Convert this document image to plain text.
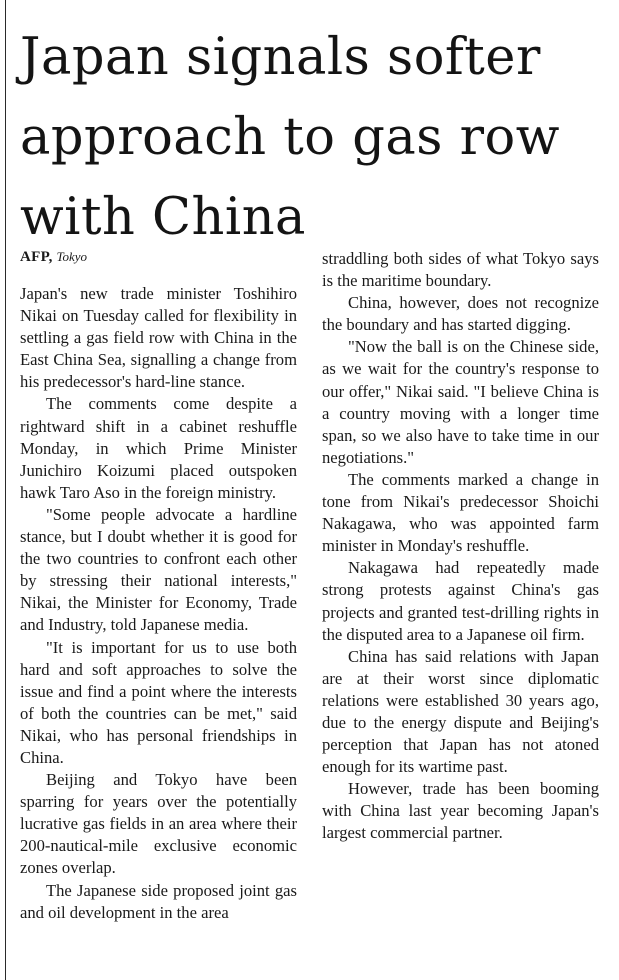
Japan signals softer approach to gas row with China
AFP, Tokyo

Japan's new trade minister Toshihiro Nikai on Tuesday called for flexibility in settling a gas field row with China in the East China Sea, signalling a change from his predecessor's hard-line stance.

The comments come despite a rightward shift in a cabinet reshuffle Monday, in which Prime Minister Junichiro Koizumi placed outspoken hawk Taro Aso in the foreign ministry.

"Some people advocate a hardline stance, but I doubt whether it is good for the two countries to confront each other by stressing their national interests," Nikai, the Minister for Economy, Trade and Industry, told Japanese media.

"It is important for us to use both hard and soft approaches to solve the issue and find a point where the interests of both the countries can be met," said Nikai, who has personal friendships in China.

Beijing and Tokyo have been sparring for years over the potentially lucrative gas fields in an area where their 200-nautical-mile exclusive economic zones overlap.

The Japanese side proposed joint gas and oil development in the area

straddling both sides of what Tokyo says is the maritime boundary.

China, however, does not recognize the boundary and has started digging.

"Now the ball is on the Chinese side, as we wait for the country's response to our offer," Nikai said. "I believe China is a country moving with a longer time span, so we also have to take time in our negotiations."

The comments marked a change in tone from Nikai's predecessor Shoichi Nakagawa, who was appointed farm minister in Monday's reshuffle.

Nakagawa had repeatedly made strong protests against China's gas projects and granted test-drilling rights in the disputed area to a Japanese oil firm.

China has said relations with Japan are at their worst since diplomatic relations were established 30 years ago, due to the energy dispute and Beijing's perception that Japan has not atoned enough for its wartime past.

However, trade has been booming with China last year becoming Japan's largest commercial partner.
